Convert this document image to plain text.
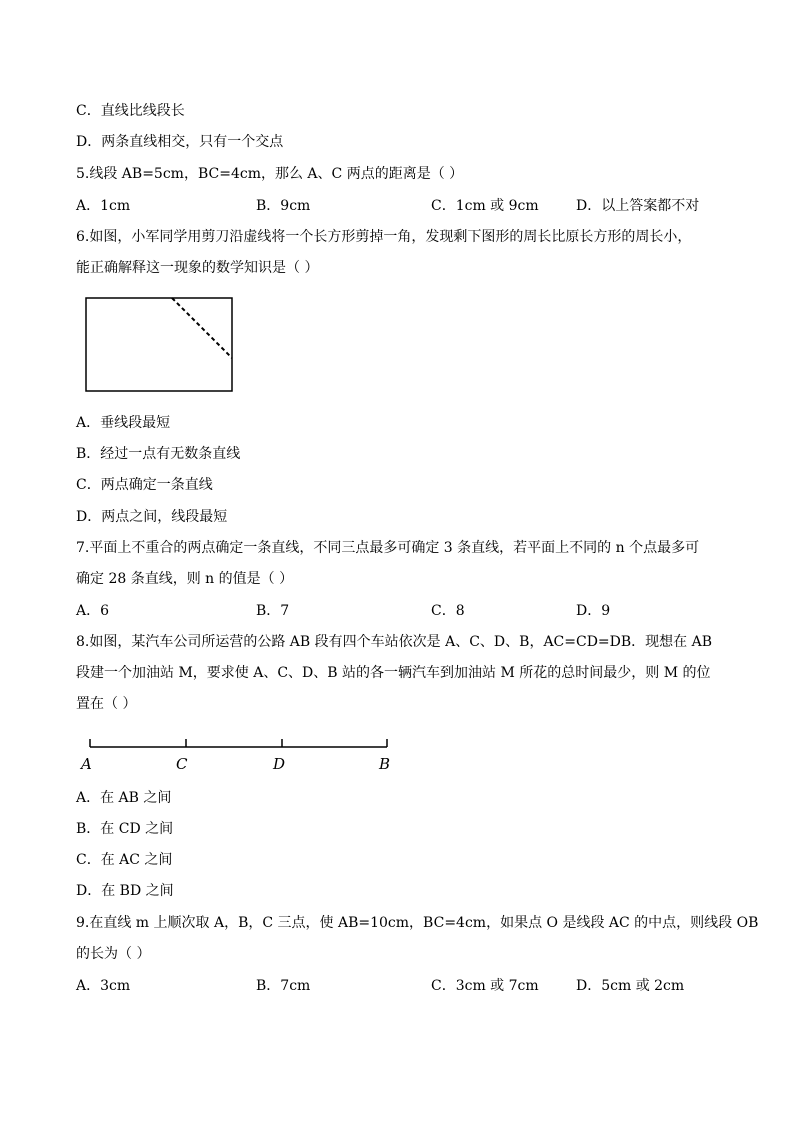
C．直线比线段长
D．两条直线相交，只有一个交点
5.线段 AB=5cm，BC=4cm，那么 A、C 两点的距离是（ ）
A．1cm	B．9cm	C．1cm 或 9cm	D．以上答案都不对
6.如图，小军同学用剪刀沿虚线将一个长方形剪掉一角，发现剩下图形的周长比原长方形的周长小，
能正确解释这一现象的数学知识是（ ）
A．垂线段最短
B．经过一点有无数条直线
C．两点确定一条直线
D．两点之间，线段最短
7.平面上不重合的两点确定一条直线，不同三点最多可确定 3 条直线，若平面上不同的 n 个点最多可
确定 28 条直线，则 n 的值是（ ）
A．6	B．7	C．8	D．9
8.如图，某汽车公司所运营的公路 AB 段有四个车站依次是 A、C、D、B，AC=CD=DB．现想在 AB
段建一个加油站 M，要求使 A、C、D、B 站的各一辆汽车到加油站 M 所花的总时间最少，则 M 的位
置在（ ）
A	C	D	B
A．在 AB 之间
B．在 CD 之间
C．在 AC 之间
D．在 BD 之间
9.在直线 m 上顺次取 A，B，C 三点，使 AB=10cm，BC=4cm，如果点 O 是线段 AC 的中点，则线段 OB
的长为（ ）
A．3cm	B．7cm	C．3cm 或 7cm	D．5cm 或 2cm
